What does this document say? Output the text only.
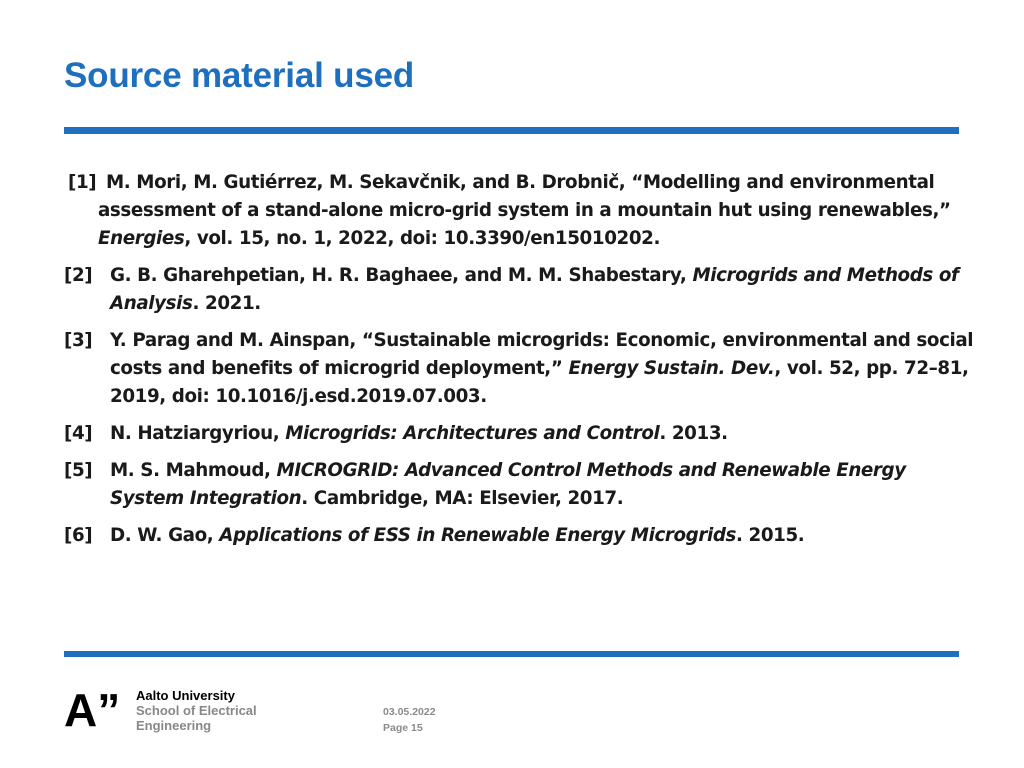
Source material used
[1] M. Mori, M. Gutiérrez, M. Sekavčnik, and B. Drobnič, “Modelling and environmental
assessment of a stand-alone micro-grid system in a mountain hut using renewables,”
Energies, vol. 15, no. 1, 2022, doi: 10.3390/en15010202.
[2] G. B. Gharehpetian, H. R. Baghaee, and M. M. Shabestary, Microgrids and Methods of
Analysis. 2021.
[3] Y. Parag and M. Ainspan, “Sustainable microgrids: Economic, environmental and social
costs and benefits of microgrid deployment,” Energy Sustain. Dev., vol. 52, pp. 72–81,
2019, doi: 10.1016/j.esd.2019.07.003.
[4] N. Hatziargyriou, Microgrids: Architectures and Control. 2013.
[5] M. S. Mahmoud, MICROGRID: Advanced Control Methods and Renewable Energy
System Integration. Cambridge, MA: Elsevier, 2017.
[6] D. W. Gao, Applications of ESS in Renewable Energy Microgrids. 2015.
A” Aalto University
School of Electrical
Engineering
03.05.2022
Page 15
